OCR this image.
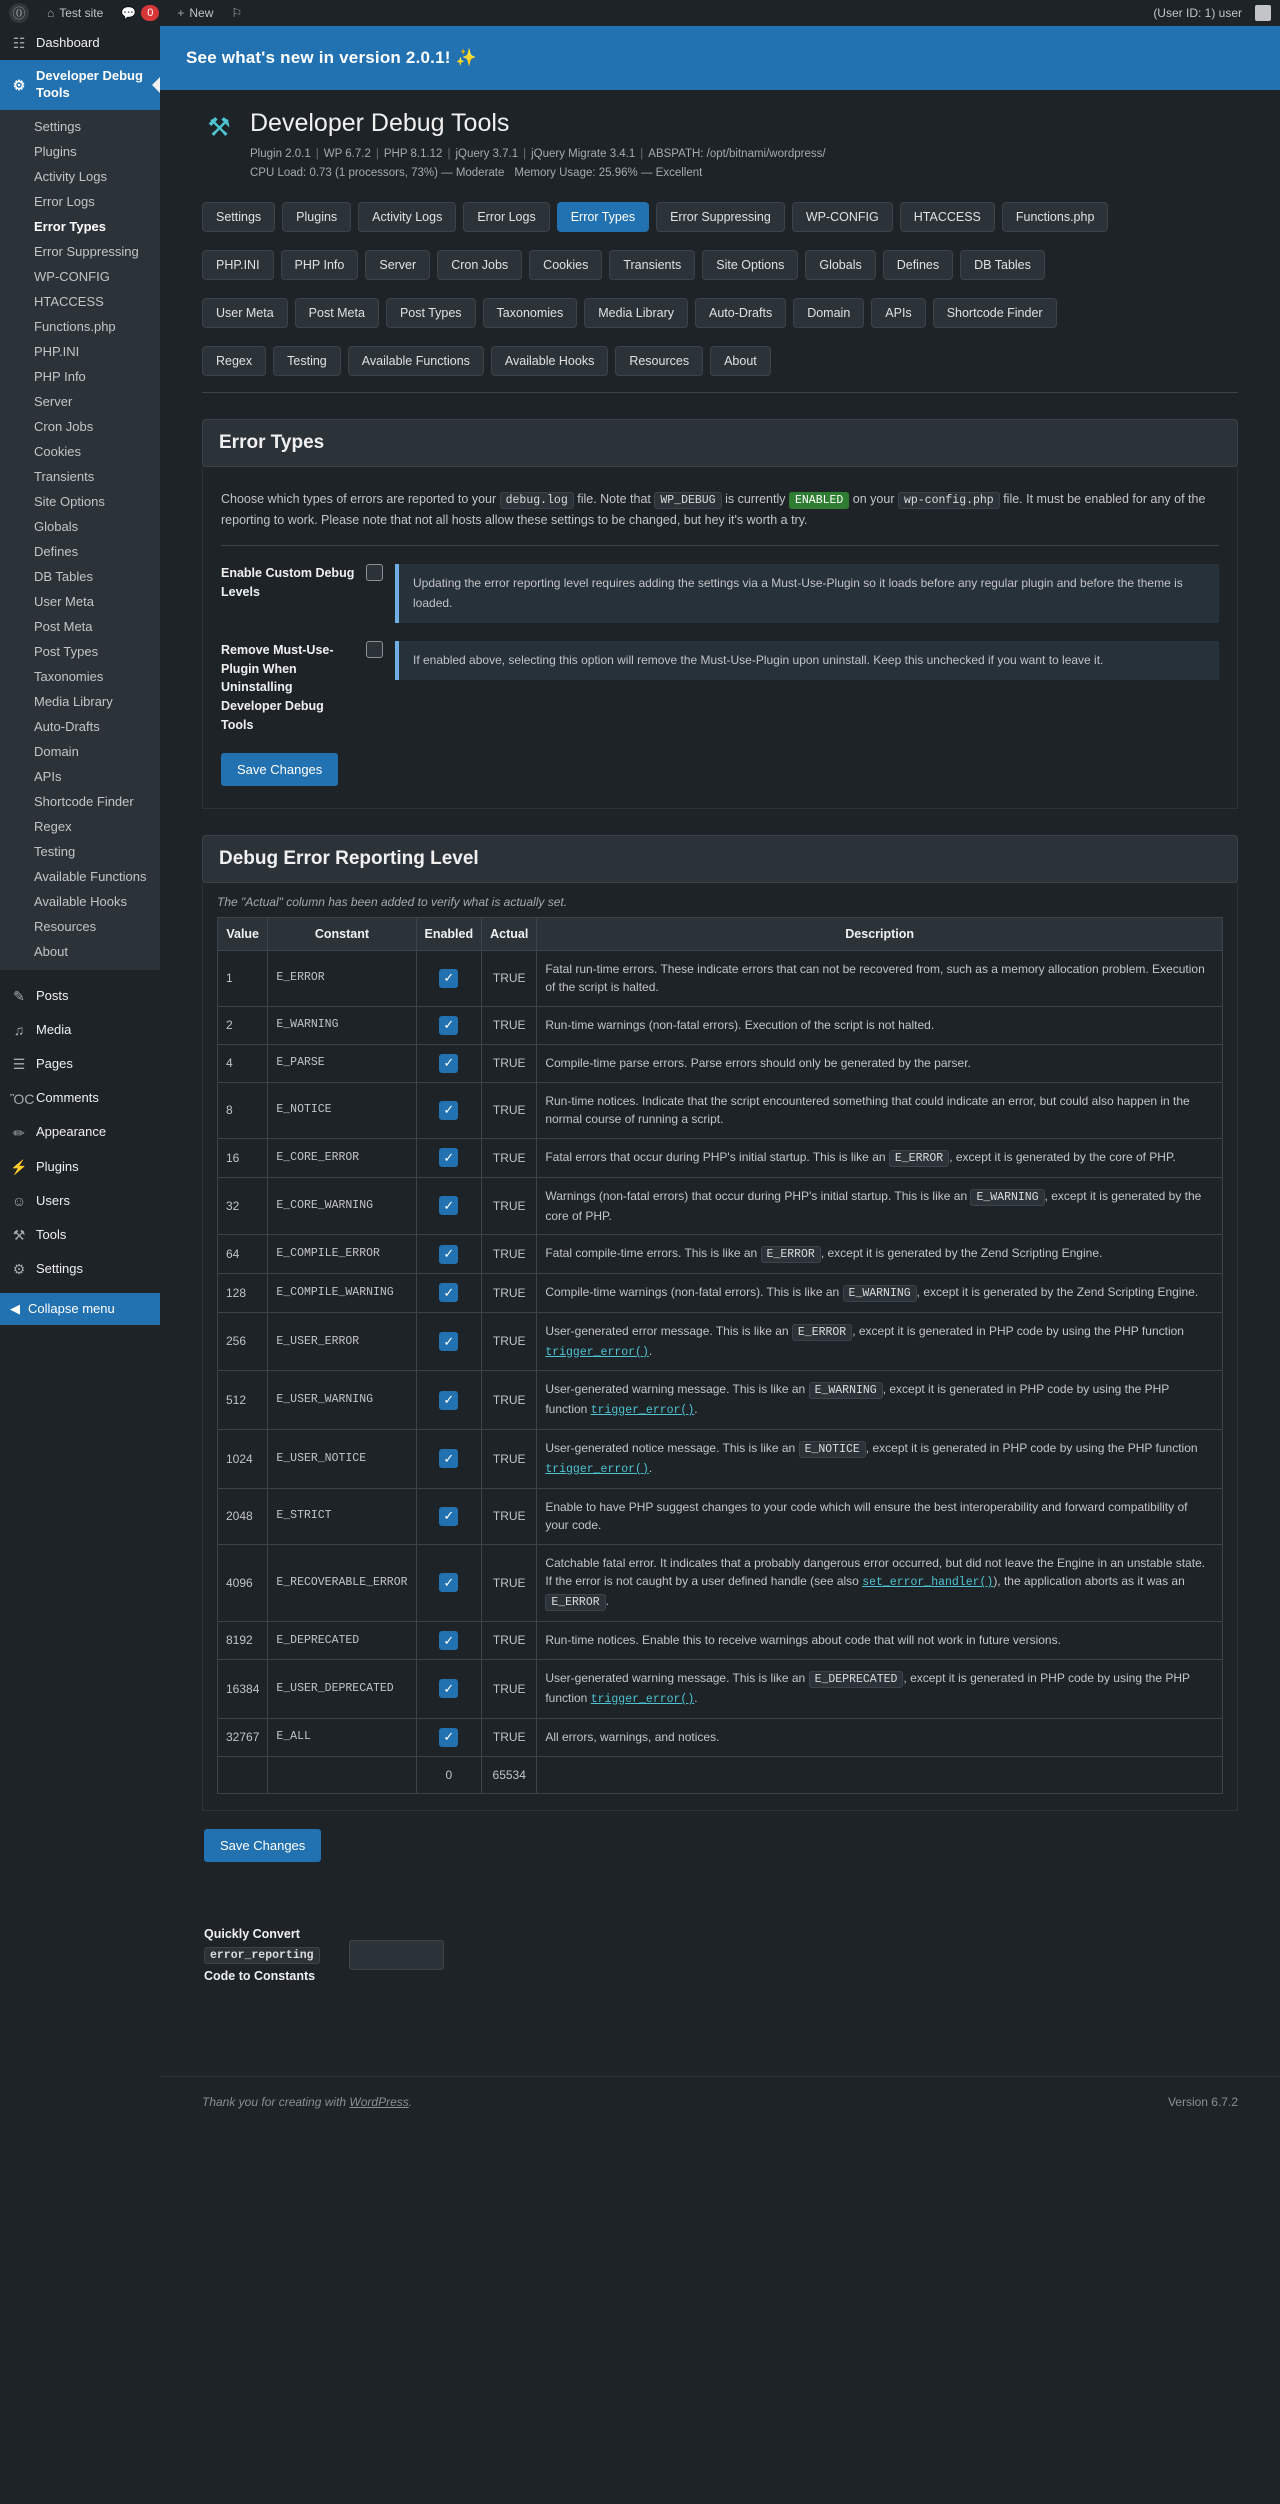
⓪ ⌂ Test site 💬	0	+ New ⚐	(User ID: 1) user
☷ Dashboard
⚙
Developer Debug Tools
Settings
Plugins
Activity Logs
Error Logs
Error Types
Error Suppressing
WP-CONFIG
HTACCESS
Functions.php
PHP.INI
PHP Info
Server
Cron Jobs
Cookies
Transients
Site Options
Globals
Defines
DB Tables
User Meta
Post Meta
Post Types
Taxonomies
Media Library
Auto-Drafts
Domain
APIs
Shortcode Finder
Regex
Testing
Available Functions
Available Hooks
Resources
About
✎ Posts
♫ Media
☰ Pages
ὊC Comments
✏ Appearance
⚡ Plugins
☺ Users
⚒ Tools
⚙ Settings
◀ Collapse menu
See what's new in version 2.0.1! ✨
⚒ Developer Debug Tools
Plugin 2.0.1 | WP 6.7.2 | PHP 8.1.12 | jQuery 3.7.1 | jQuery Migrate 3.4.1 | ABSPATH: /opt/bitnami/wordpress/
CPU Load: 0.73 (1 processors, 73%) — Moderate Memory Usage: 25.96% — Excellent
Settings	Plugins	Activity Logs	Error Logs	Error Types	Error Suppressing	WP-CONFIG	HTACCESS	Functions.php
PHP.INI	PHP Info	Server	Cron Jobs	Cookies	Transients	Site Options	Globals	Defines	DB Tables
User Meta	Post Meta	Post Types	Taxonomies	Media Library	Auto-Drafts	Domain	APIs	Shortcode Finder
Regex	Testing	Available Functions	Available Hooks	Resources	About
Error Types
Choose which types of errors are reported to your debug.log file. Note that WP_DEBUG is currently ENABLED on your wp-config.php file. It must be enabled for any of the reporting to work. Please note that not all hosts allow these settings to be changed, but hey it's worth a try.
Enable Custom Debug Levels
Updating the error reporting level requires adding the settings via a Must-Use-Plugin so it loads before any regular plugin and before the theme is loaded.
Remove Must-Use-Plugin When Uninstalling Developer Debug Tools
If enabled above, selecting this option will remove the Must-Use-Plugin upon uninstall. Keep this unchecked if you want to leave it.
Save Changes
Debug Error Reporting Level
The "Actual" column has been added to verify what is actually set.
Value	Constant	Enabled	Actual	Description
1	E_ERROR	✓	TRUE	Fatal run-time errors. These indicate errors that can not be recovered from, such as a memory allocation problem. Execution of the script is halted.
2	E_WARNING	✓	TRUE	Run-time warnings (non-fatal errors). Execution of the script is not halted.
4	E_PARSE	✓	TRUE	Compile-time parse errors. Parse errors should only be generated by the parser.
8	E_NOTICE	✓	TRUE	Run-time notices. Indicate that the script encountered something that could indicate an error, but could also happen in the normal course of running a script.
16	E_CORE_ERROR	✓	TRUE	Fatal errors that occur during PHP's initial startup. This is like an E_ERROR , except it is generated by the core of PHP.
32	E_CORE_WARNING	✓	TRUE	Warnings (non-fatal errors) that occur during PHP's initial startup. This is like an E_WARNING , except it is generated by the core of PHP.
64	E_COMPILE_ERROR	✓	TRUE	Fatal compile-time errors. This is like an E_ERROR , except it is generated by the Zend Scripting Engine.
128	E_COMPILE_WARNING	✓	TRUE	Compile-time warnings (non-fatal errors). This is like an E_WARNING , except it is generated by the Zend Scripting Engine.
256	E_USER_ERROR	✓	TRUE	User-generated error message. This is like an E_ERROR , except it is generated in PHP code by using the PHP function trigger_error().
512	E_USER_WARNING	✓	TRUE	User-generated warning message. This is like an E_WARNING , except it is generated in PHP code by using the PHP function trigger_error().
1024	E_USER_NOTICE	✓	TRUE	User-generated notice message. This is like an E_NOTICE , except it is generated in PHP code by using the PHP function trigger_error().
2048	E_STRICT	✓	TRUE	Enable to have PHP suggest changes to your code which will ensure the best interoperability and forward compatibility of your code.
4096	E_RECOVERABLE_ERROR	✓	TRUE	Catchable fatal error. It indicates that a probably dangerous error occurred, but did not leave the Engine in an unstable state. If the error is not caught by a user defined handle (see also set_error_handler()), the application aborts as it was an E_ERROR .
8192	E_DEPRECATED	✓	TRUE	Run-time notices. Enable this to receive warnings about code that will not work in future versions.
16384	E_USER_DEPRECATED	✓	TRUE	User-generated warning message. This is like an E_DEPRECATED , except it is generated in PHP code by using the PHP function trigger_error().
32767	E_ALL	✓	TRUE	All errors, warnings, and notices.
		0	65534	
Save Changes
Quickly Convert error_reporting Code to Constants
Thank you for creating with WordPress.	Version 6.7.2
